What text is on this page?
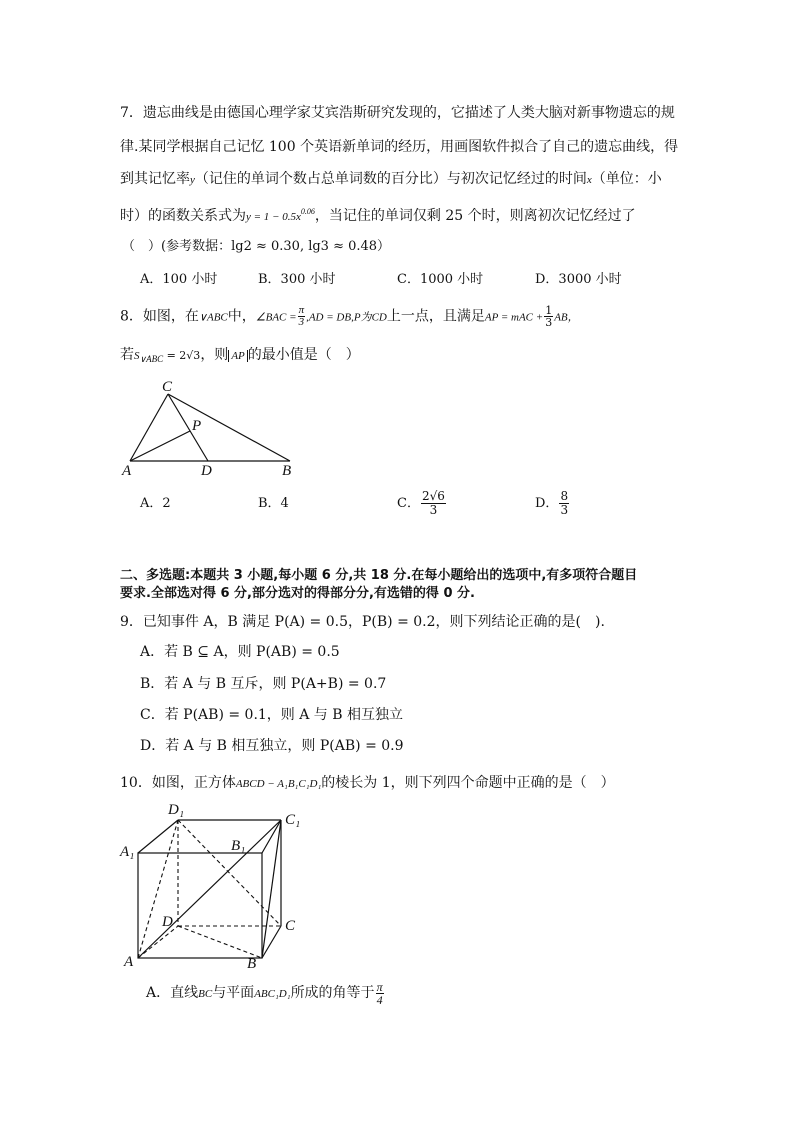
7．遗忘曲线是由德国心理学家艾宾浩斯研究发现的，它描述了人类大脑对新事物遗忘的规
律.某同学根据自己记忆 100 个英语新单词的经历，用画图软件拟合了自己的遗忘曲线，得
到其记忆率y（记住的单词个数占总单词数的百分比）与初次记忆经过的时间x（单位：小
时）的函数关系式为$y = 1 - 0.5x^{0.06}$，当记住的单词仅剩 25 个时，则离初次记忆经过了
（　）(参考数据：lg2 ≈ 0.30, lg3 ≈ 0.48）
A．100 小时	B．300 小时	C．1000 小时	D．3000 小时
8．如图，在∨ABC中，∠BAC = $\frac{\pi}{3} ,AD = DB,P$为CD上一点，且满足AP = mAC + $\frac{1}{3}$ AB，
若$S_{\vee ABC} = 2√3$，则 AP 的最小值是（　）
C
P
A	D	B
A．2	B．4	C． $\frac{2√6}{3}$	D． $\frac{8}{3}$
二、多选题:本题共 3 小题,每小题 6 分,共 18 分.在每小题给出的选项中,有多项符合题目
要求.全部选对得 6 分,部分选对的得部分分,有选错的得 0 分.
9．已知事件 A，B 满足 P(A) = 0.5，P(B) = 0.2，则下列结论正确的是(　).
A．若 B ⊆ A，则 P(AB) = 0.5
B．若 A 与 B 互斥，则 P(A+B) = 0.7
C．若 P(AB) = 0.1，则 A 与 B 相互独立
D．若 A 与 B 相互独立，则 P(AB) = 0.9
10．如图，正方体ABCD − A₁B₁C₁D₁的棱长为 1，则下列四个命题中正确的是（　）
D₁
C₁
A₁	B₁
D	C
A	B
A．直线BC与平面ABC₁D₁所成的角等于 $\frac{\pi}{4}$
